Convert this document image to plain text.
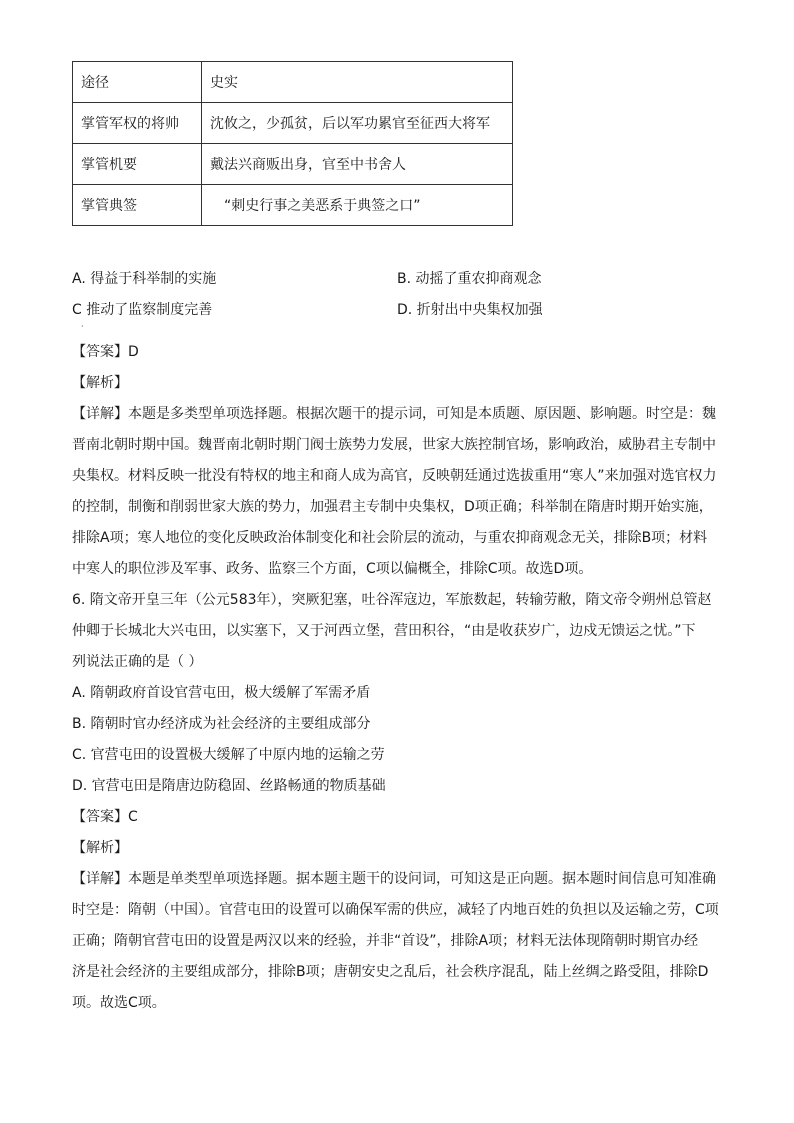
途径	史实
掌管军权的将帅	沈攸之，少孤贫，后以军功累官至征西大将军
掌管机要	戴法兴商贩出身，官至中书舍人
掌管典签	“刺史行事之美恶系于典签之口”
A. 得益于科举制的实施	B. 动摇了重农抑商观念
C 推动了监察制度完善	D. 折射出中央集权加强
·
【答案】D
【解析】
【详解】本题是多类型单项选择题。根据次题干的提示词，可知是本质题、原因题、影响题。时空是：魏
晋南北朝时期中国。魏晋南北朝时期门阀士族势力发展，世家大族控制官场，影响政治，威胁君主专制中
央集权。材料反映一批没有特权的地主和商人成为高官，反映朝廷通过选拔重用“寒人”来加强对选官权力
的控制，制衡和削弱世家大族的势力，加强君主专制中央集权，D项正确；科举制在隋唐时期开始实施，
排除A项；寒人地位的变化反映政治体制变化和社会阶层的流动，与重农抑商观念无关，排除B项；材料
中寒人的职位涉及军事、政务、监察三个方面，C项以偏概全，排除C项。故选D项。
6. 隋文帝开皇三年（公元583年），突厥犯塞，吐谷浑寇边，军旅数起，转输劳敝，隋文帝令朔州总管赵
仲卿于长城北大兴屯田，以实塞下，又于河西立堡，营田积谷，“由是收获岁广，边戍无馈运之忧。”下
列说法正确的是（ ）
A. 隋朝政府首设官营屯田，极大缓解了军需矛盾
B. 隋朝时官办经济成为社会经济的主要组成部分
C. 官营屯田的设置极大缓解了中原内地的运输之劳
D. 官营屯田是隋唐边防稳固、丝路畅通的物质基础
【答案】C
【解析】
【详解】本题是单类型单项选择题。据本题主题干的设问词，可知这是正向题。据本题时间信息可知准确
时空是：隋朝（中国）。官营屯田的设置可以确保军需的供应，减轻了内地百姓的负担以及运输之劳，C项
正确；隋朝官营屯田的设置是两汉以来的经验，并非“首设”，排除A项；材料无法体现隋朝时期官办经
济是社会经济的主要组成部分，排除B项；唐朝安史之乱后，社会秩序混乱，陆上丝绸之路受阻，排除D
项。故选C项。
